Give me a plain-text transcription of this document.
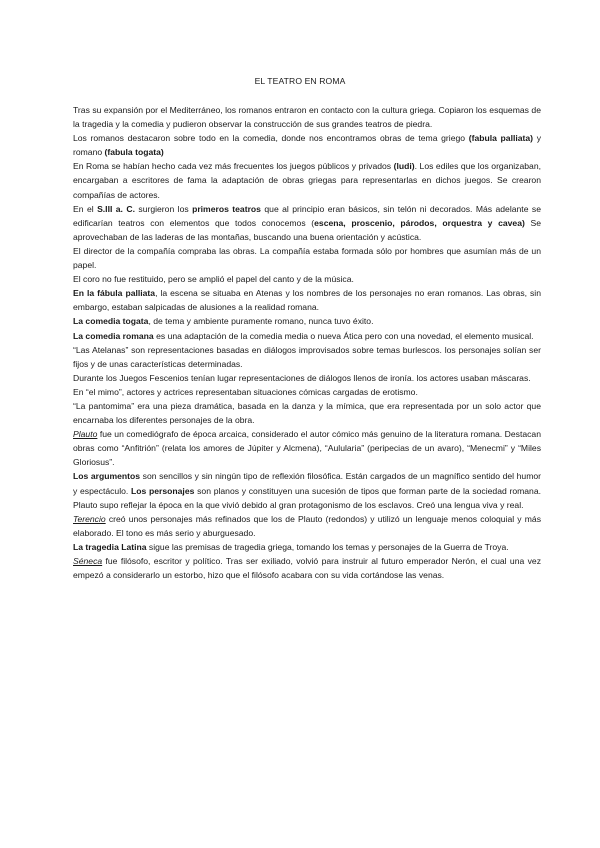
EL TEATRO EN ROMA

Tras su expansión por el Mediterráneo, los romanos entraron en contacto con la cultura griega. Copiaron los esquemas de la tragedia y la comedia y pudieron observar la construcción de sus grandes teatros de piedra.

Los romanos destacaron sobre todo en la comedia, donde nos encontramos obras de tema griego (fabula palliata) y romano (fabula togata)

En Roma se habían hecho cada vez más frecuentes los juegos públicos y privados (ludi). Los ediles que los organizaban, encargaban a escritores de fama la adaptación de obras griegas para representarlas en dichos juegos. Se crearon compañías de actores.

En el S.III a. C. surgieron los primeros teatros que al principio eran básicos, sin telón ni decorados. Más adelante se edificarían teatros con elementos que todos conocemos (escena, proscenio, párodos, orquestra y cavea) Se aprovechaban de las laderas de las montañas, buscando una buena orientación y acústica.

El director de la compañía compraba las obras. La compañía estaba formada sólo por hombres que asumían más de un papel.

El coro no fue restituido, pero se amplió el papel del canto y de la música.

En la fábula palliata, la escena se situaba en Atenas y los nombres de los personajes no eran romanos. Las obras, sin embargo, estaban salpicadas de alusiones a la realidad romana.

La comedia togata, de tema y ambiente puramente romano, nunca tuvo éxito.

La comedia romana es una adaptación de la comedia media o nueva Ática pero con una novedad, el elemento musical.

“Las Atelanas” son representaciones basadas en diálogos improvisados sobre temas burlescos. los personajes solían ser fijos y de unas características determinadas.

Durante los Juegos Fescenios tenían lugar representaciones de diálogos llenos de ironía. los actores usaban máscaras.

En “el mimo”, actores y actrices representaban situaciones cómicas cargadas de erotismo.

“La pantomima” era una pieza dramática, basada en la danza y la mímica, que era representada por un solo actor que encarnaba los diferentes personajes de la obra.

Plauto fue un comediógrafo de época arcaica, considerado el autor cómico más genuino de la literatura romana. Destacan obras como “Anfitrión” (relata los amores de Júpiter y Alcmena), “Aulularia” (peripecias de un avaro), “Menecmi” y “Miles Gloriosus”.

Los argumentos son sencillos y sin ningún tipo de reflexión filosófica. Están cargados de un magnífico sentido del humor y espectáculo. Los personajes son planos y constituyen una sucesión de tipos que forman parte de la sociedad romana. Plauto supo reflejar la época en la que vivió debido al gran protagonismo de los esclavos. Creó una lengua viva y real.

Terencio creó unos personajes más refinados que los de Plauto (redondos) y utilizó un lenguaje menos coloquial y más elaborado. El tono es más serio y aburguesado.

La tragedia Latina sigue las premisas de tragedia griega, tomando los temas y personajes de la Guerra de Troya.

Séneca fue filósofo, escritor y político. Tras ser exiliado, volvió para instruir al futuro emperador Nerón, el cual una vez empezó a considerarlo un estorbo, hizo que el filósofo acabara con su vida cortándose las venas.
